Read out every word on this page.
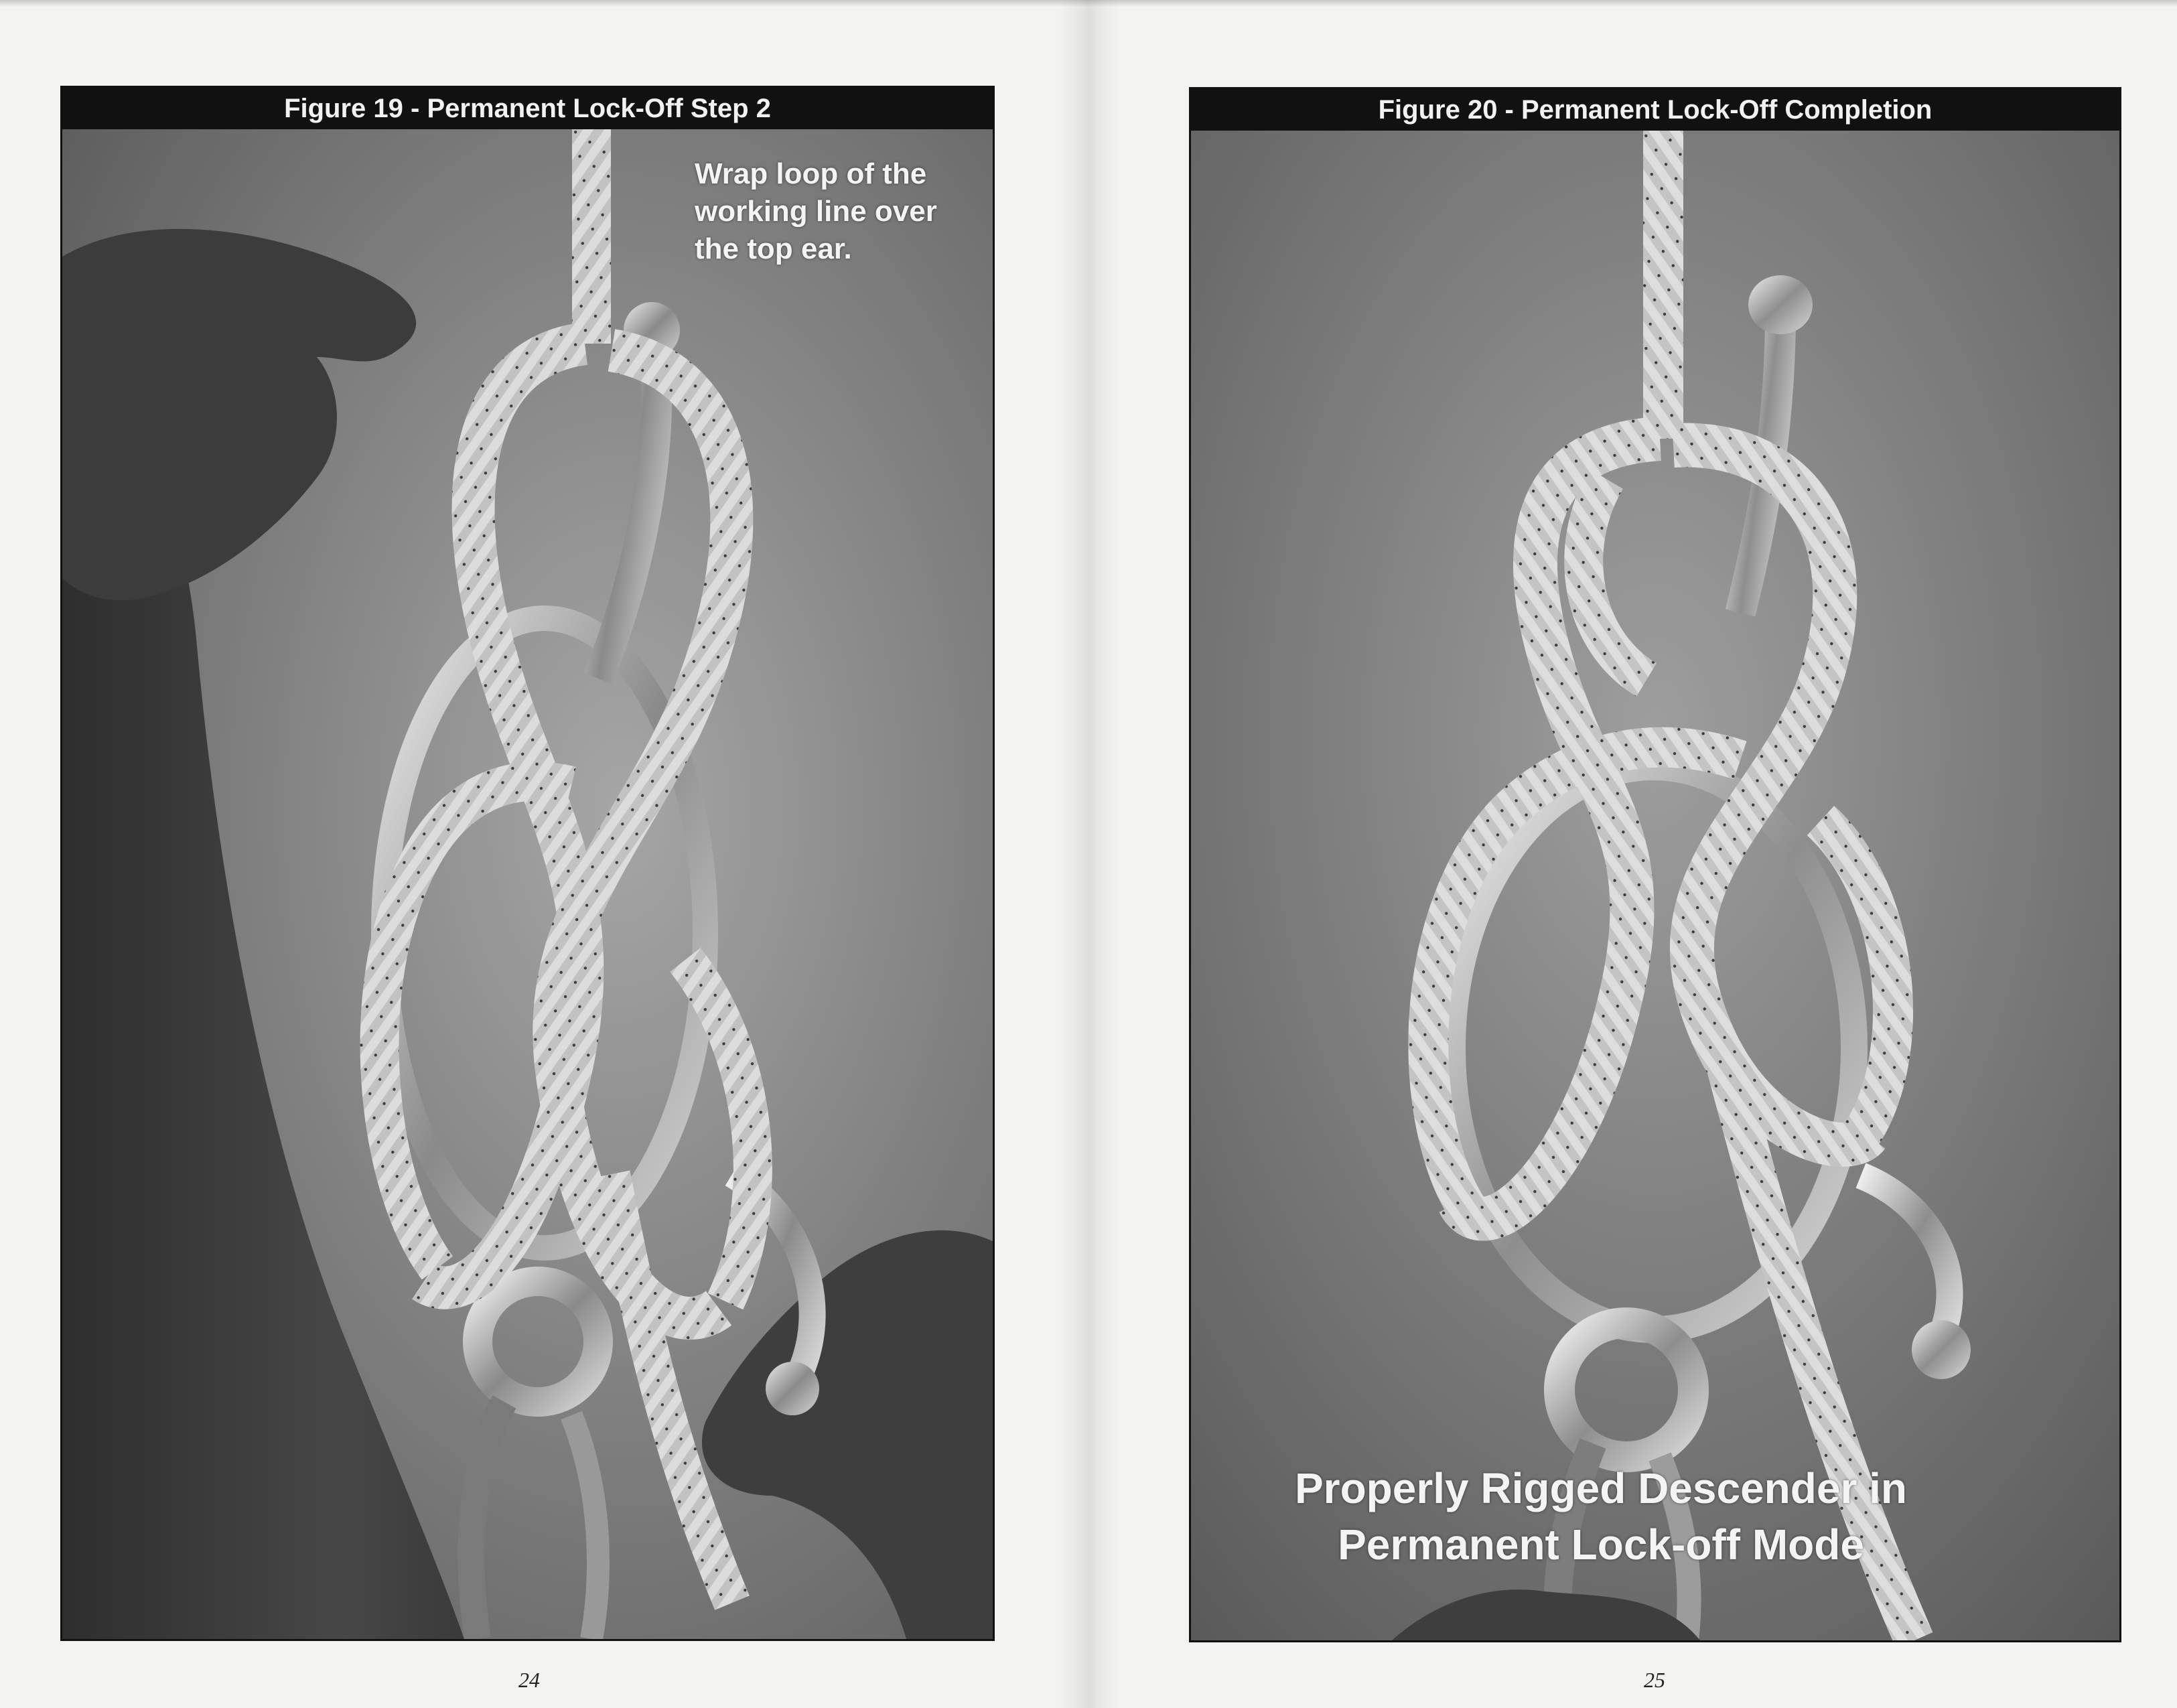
Figure 19 - Permanent Lock-Off Step 2
Wrap loop of the working line over the top ear.
Figure 20 - Permanent Lock-Off Completion
Properly Rigged Descender in Permanent Lock-off Mode
24	25
